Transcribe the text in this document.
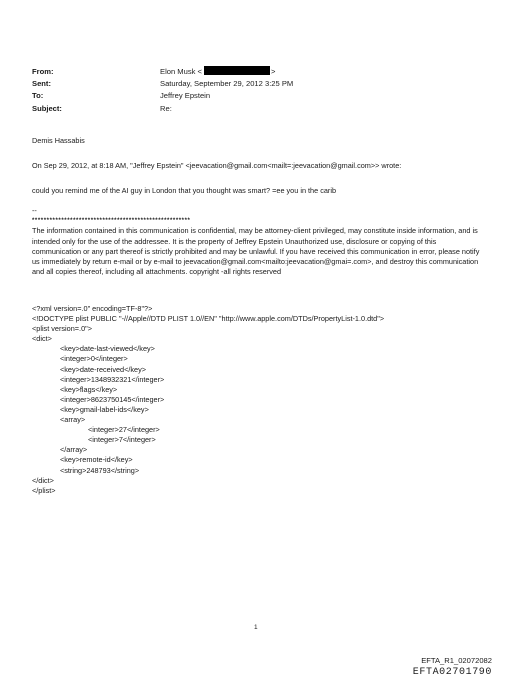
From:	Elon Musk <	>
Sent:	Saturday, September 29, 2012 3:25 PM
To:	Jeffrey Epstein
Subject:	Re:

Demis Hassabis

On Sep 29, 2012, at 8:18 AM, "Jeffrey Epstein" <jeevacation@gmail.com<mailt=:jeevacation@gmail.com>> wrote:

could you remind me of the AI guy in London that you thought was smart? =ee you in the carib

--

******************************************************

The information contained in this communication is confidential, may be attorney-client privileged, may constitute inside information, and is intended only for the use of the addressee. It is the property of Jeffrey Epstein Unauthorized use, disclosure or copying of this communication or any part thereof is strictly prohibited and may be unlawful. If you have received this communication in error, please notify us immediately by return e-mail or by e-mail to jeevacation@gmail.com<mailto:jeevacation@gmai=.com>, and destroy this communication and all copies thereof, including all attachments. copyright -all rights reserved

<?xml version=.0" encoding=TF-8"?>
<!DOCTYPE plist PUBLIC "-//Apple//DTD PLIST 1.0//EN" "http://www.apple.com/DTDs/PropertyList-1.0.dtd">
<plist version=.0">
<dict>
<key>date-last-viewed</key>
<integer>0</integer>
<key>date-received</key>
<integer>1348932321</integer>
<key>flags</key>
<integer>8623750145</integer>
<key>gmail-label-ids</key>
<array>
<integer>27</integer>
<integer>7</integer>
</array>
<key>remote-id</key>
<string>248793</string>
</dict>
</plist>
1
EFTA_R1_02072082
EFTA02701790
